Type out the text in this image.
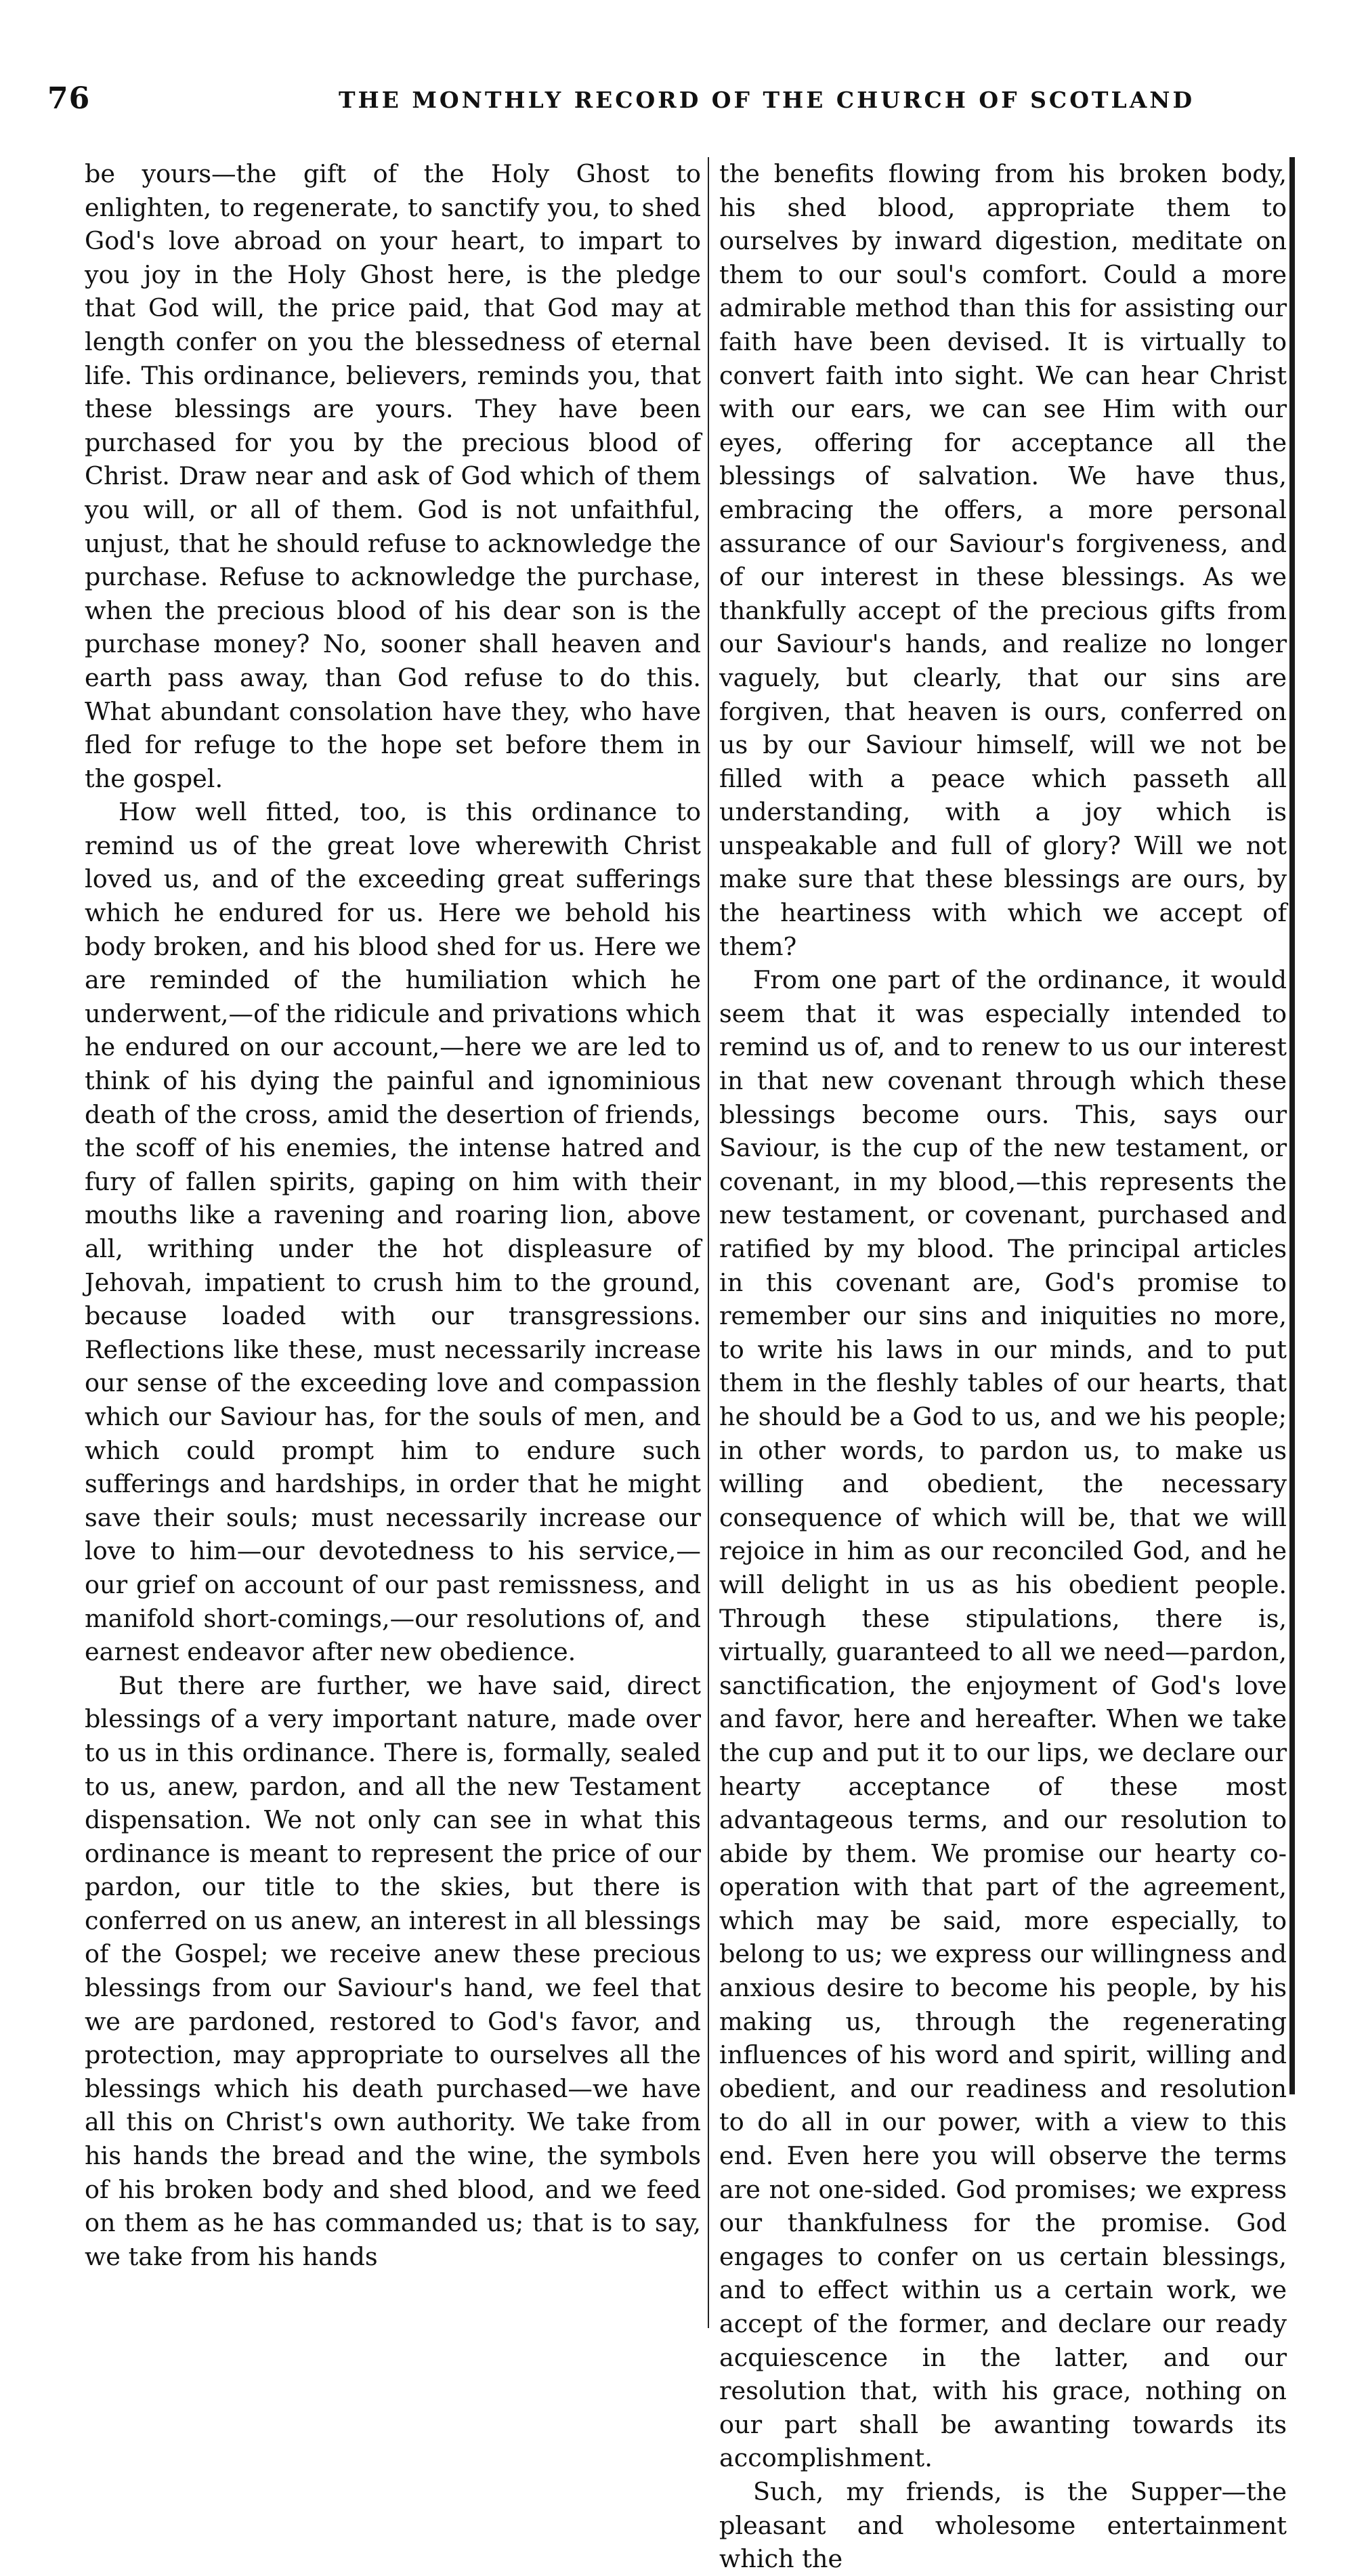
76	THE MONTHLY RECORD OF THE CHURCH OF SCOTLAND

be yours—the gift of the Holy Ghost to enlighten, to regenerate, to sanctify you, to shed God's love abroad on your heart, to impart to you joy in the Holy Ghost here, is the pledge that God will, the price paid, that God may at length confer on you the blessedness of eternal life. This ordinance, believers, reminds you, that these blessings are yours. They have been purchased for you by the precious blood of Christ. Draw near and ask of God which of them you will, or all of them. God is not unfaithful, unjust, that he should refuse to acknowledge the purchase. Refuse to acknowledge the purchase, when the precious blood of his dear son is the purchase money? No, sooner shall heaven and earth pass away, than God refuse to do this. What abundant consolation have they, who have fled for refuge to the hope set before them in the gospel.

How well fitted, too, is this ordinance to remind us of the great love wherewith Christ loved us, and of the exceeding great sufferings which he endured for us. Here we behold his body broken, and his blood shed for us. Here we are reminded of the humiliation which he underwent,—of the ridicule and privations which he endured on our account,—here we are led to think of his dying the painful and ignominious death of the cross, amid the desertion of friends, the scoff of his enemies, the intense hatred and fury of fallen spirits, gaping on him with their mouths like a ravening and roaring lion, above all, writhing under the hot displeasure of Jehovah, impatient to crush him to the ground, because loaded with our transgressions. Reflections like these, must necessarily increase our sense of the exceeding love and compassion which our Saviour has, for the souls of men, and which could prompt him to endure such sufferings and hardships, in order that he might save their souls; must necessarily increase our love to him—our devotedness to his service,—our grief on account of our past remissness, and manifold short-comings,—our resolutions of, and earnest endeavor after new obedience.

But there are further, we have said, direct blessings of a very important nature, made over to us in this ordinance. There is, formally, sealed to us, anew, pardon, and all the new Testament dispensation. We not only can see in what this ordinance is meant to represent the price of our pardon, our title to the skies, but there is conferred on us anew, an interest in all blessings of the Gospel; we receive anew these precious blessings from our Saviour's hand, we feel that we are pardoned, restored to God's favor, and protection, may appropriate to ourselves all the blessings which his death purchased—we have all this on Christ's own authority. We take from his hands the bread and the wine, the symbols of his broken body and shed blood, and we feed on them as he has commanded us; that is to say, we take from his hands

the benefits flowing from his broken body, his shed blood, appropriate them to ourselves by inward digestion, meditate on them to our soul's comfort. Could a more admirable method than this for assisting our faith have been devised. It is virtually to convert faith into sight. We can hear Christ with our ears, we can see Him with our eyes, offering for acceptance all the blessings of salvation. We have thus, embracing the offers, a more personal assurance of our Saviour's forgiveness, and of our interest in these blessings. As we thankfully accept of the precious gifts from our Saviour's hands, and realize no longer vaguely, but clearly, that our sins are forgiven, that heaven is ours, conferred on us by our Saviour himself, will we not be filled with a peace which passeth all understanding, with a joy which is unspeakable and full of glory? Will we not make sure that these blessings are ours, by the heartiness with which we accept of them?

From one part of the ordinance, it would seem that it was especially intended to remind us of, and to renew to us our interest in that new covenant through which these blessings become ours. This, says our Saviour, is the cup of the new testament, or covenant, in my blood,—this represents the new testament, or covenant, purchased and ratified by my blood. The principal articles in this covenant are, God's promise to remember our sins and iniquities no more, to write his laws in our minds, and to put them in the fleshly tables of our hearts, that he should be a God to us, and we his people; in other words, to pardon us, to make us willing and obedient, the necessary consequence of which will be, that we will rejoice in him as our reconciled God, and he will delight in us as his obedient people. Through these stipulations, there is, virtually, guaranteed to all we need—pardon, sanctification, the enjoyment of God's love and favor, here and hereafter. When we take the cup and put it to our lips, we declare our hearty acceptance of these most advantageous terms, and our resolution to abide by them. We promise our hearty co-operation with that part of the agreement, which may be said, more especially, to belong to us; we express our willingness and anxious desire to become his people, by his making us, through the regenerating influences of his word and spirit, willing and obedient, and our readiness and resolution to do all in our power, with a view to this end. Even here you will observe the terms are not one-sided. God promises; we express our thankfulness for the promise. God engages to confer on us certain blessings, and to effect within us a certain work, we accept of the former, and declare our ready acquiescence in the latter, and our resolution that, with his grace, nothing on our part shall be awanting towards its accomplishment.

Such, my friends, is the Supper—the pleasant and wholesome entertainment which the
